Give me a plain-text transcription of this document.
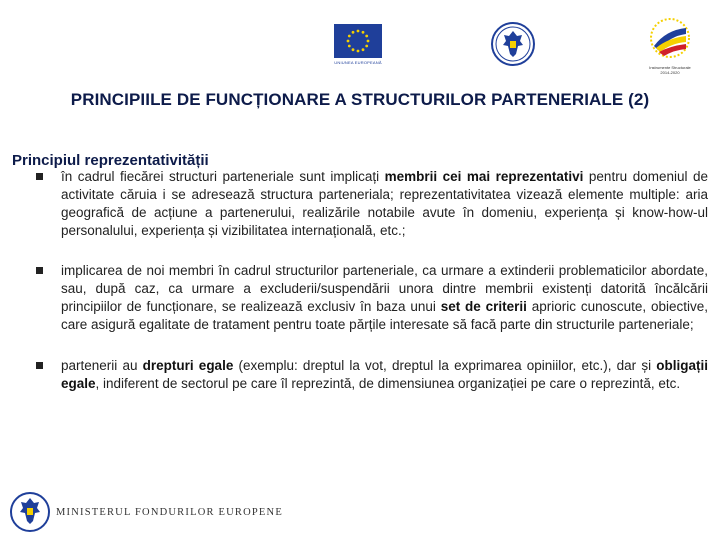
UNIUNEA EUROPEANĂ
Instrumente Structurale
2014-2020
PRINCIPIILE DE FUNCȚIONARE A STRUCTURILOR PARTENERIALE (2)
Principiul reprezentativității
în cadrul fiecărei structuri parteneriale sunt implicați membrii cei mai reprezentativi pentru domeniul de activitate căruia i se adresează structura parteneriala; reprezentativitatea vizează elemente multiple: aria geografică de acțiune a partenerului, realizările notabile avute în domeniu, experiența și know-how-ul personalului, experiența și vizibilitatea internațională, etc.;
implicarea de noi membri în cadrul structurilor parteneriale, ca urmare a extinderii problematicilor abordate, sau, după caz, ca urmare a excluderii/suspendării unora dintre membrii existenți datorită încălcării principiilor de funcționare, se realizează exclusiv în baza unui set de criterii aprioric cunoscute, obiective, care asigură egalitate de tratament pentru toate părțile interesate să facă parte din structurile parteneriale;
partenerii au drepturi egale (exemplu: dreptul la vot, dreptul la exprimarea opiniilor, etc.), dar și obligații egale, indiferent de sectorul pe care îl reprezintă, de dimensiunea organizației pe care o reprezintă, etc.
MINISTERUL FONDURILOR EUROPENE
